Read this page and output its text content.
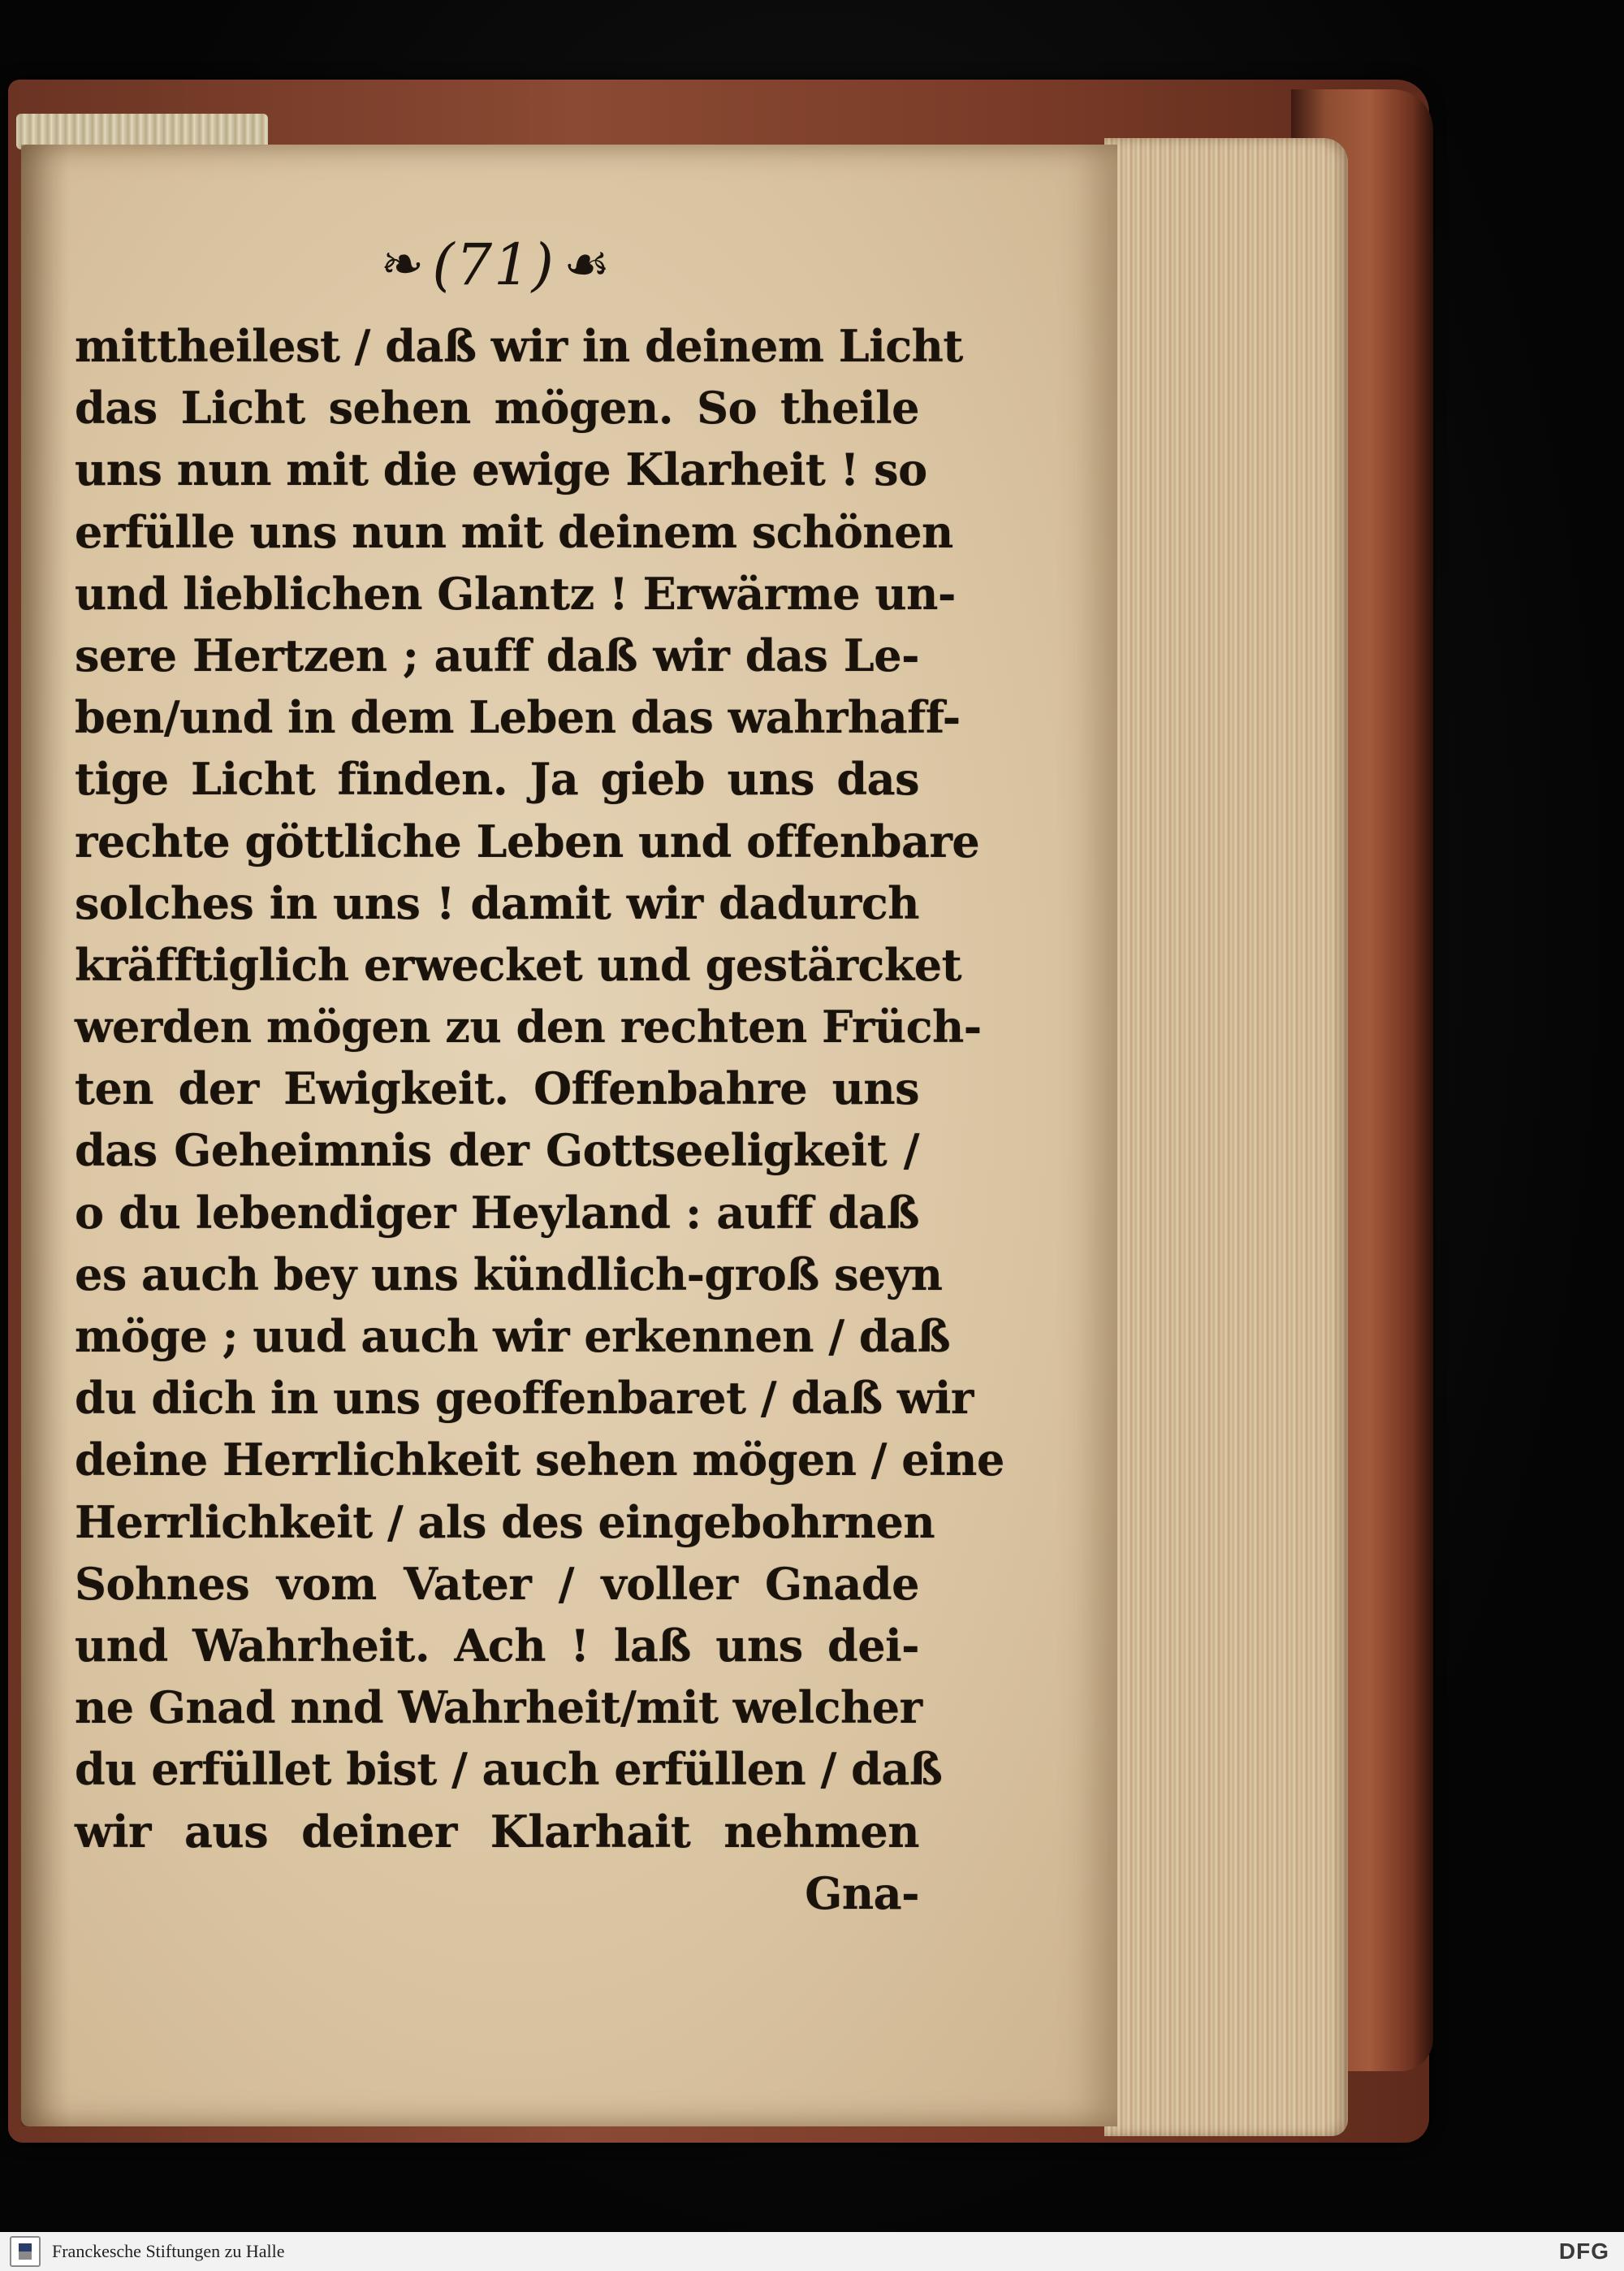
❧ (71) ☙
mittheilest / daß wir in deinem Licht
das Licht sehen mögen. So theile
uns nun mit die ewige Klarheit ! so
erfülle uns nun mit deinem schönen
und lieblichen Glantz ! Erwärme un-
sere Hertzen ; auff daß wir das Le-
ben/und in dem Leben das wahrhaff-
tige Licht finden. Ja gieb uns das
rechte göttliche Leben und offenbare
solches in uns ! damit wir dadurch
kräfftiglich erwecket und gestärcket
werden mögen zu den rechten Früch-
ten der Ewigkeit. Offenbahre uns
das Geheimnis der Gottseeligkeit /
o du lebendiger Heyland : auff daß
es auch bey uns kündlich-groß seyn
möge ; uud auch wir erkennen / daß
du dich in uns geoffenbaret / daß wir
deine Herrlichkeit sehen mögen / eine
Herrlichkeit / als des eingebohrnen
Sohnes vom Vater / voller Gnade
und Wahrheit. Ach ! laß uns dei-
ne Gnad nnd Wahrheit/mit welcher
du erfüllet bist / auch erfüllen / daß
wir aus deiner Klarhait nehmen
Gna-
Franckesche Stiftungen zu Halle	DFG
